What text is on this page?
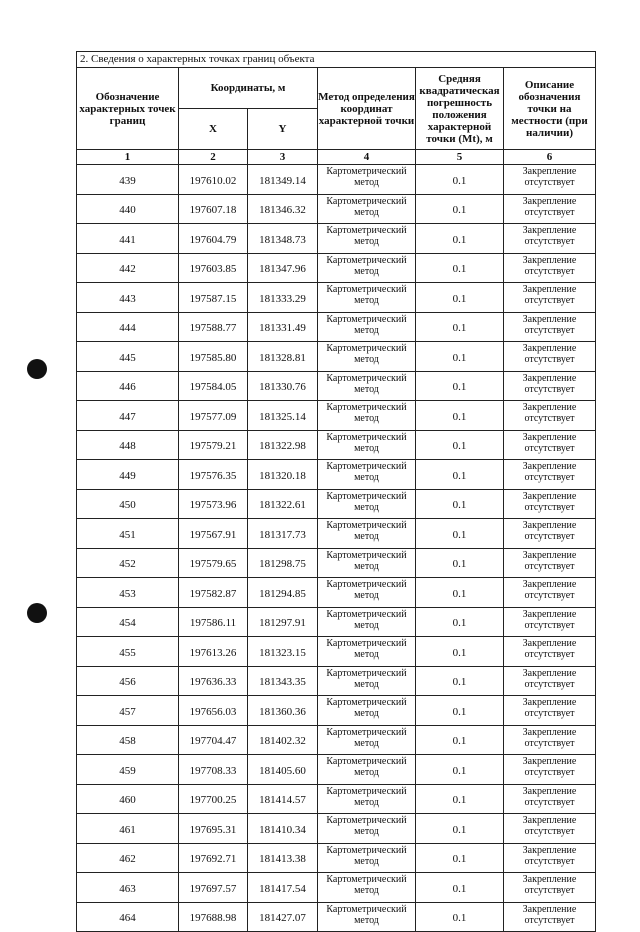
2. Сведения о характерных точках границ объекта					
Обозначение характерных точек границ	Координаты, м		Метод определения координат характерной точки	Средняя квадратическая погрешность положения характерной точки (Mt), м	Описание обозначения точки на местности (при наличии)
	X	Y			
1	2	3	4	5	6
439	197610.02	181349.14	Картометрический метод	0.1	Закрепление отсутствует
440	197607.18	181346.32	Картометрический метод	0.1	Закрепление отсутствует
441	197604.79	181348.73	Картометрический метод	0.1	Закрепление отсутствует
442	197603.85	181347.96	Картометрический метод	0.1	Закрепление отсутствует
443	197587.15	181333.29	Картометрический метод	0.1	Закрепление отсутствует
444	197588.77	181331.49	Картометрический метод	0.1	Закрепление отсутствует
445	197585.80	181328.81	Картометрический метод	0.1	Закрепление отсутствует
446	197584.05	181330.76	Картометрический метод	0.1	Закрепление отсутствует
447	197577.09	181325.14	Картометрический метод	0.1	Закрепление отсутствует
448	197579.21	181322.98	Картометрический метод	0.1	Закрепление отсутствует
449	197576.35	181320.18	Картометрический метод	0.1	Закрепление отсутствует
450	197573.96	181322.61	Картометрический метод	0.1	Закрепление отсутствует
451	197567.91	181317.73	Картометрический метод	0.1	Закрепление отсутствует
452	197579.65	181298.75	Картометрический метод	0.1	Закрепление отсутствует
453	197582.87	181294.85	Картометрический метод	0.1	Закрепление отсутствует
454	197586.11	181297.91	Картометрический метод	0.1	Закрепление отсутствует
455	197613.26	181323.15	Картометрический метод	0.1	Закрепление отсутствует
456	197636.33	181343.35	Картометрический метод	0.1	Закрепление отсутствует
457	197656.03	181360.36	Картометрический метод	0.1	Закрепление отсутствует
458	197704.47	181402.32	Картометрический метод	0.1	Закрепление отсутствует
459	197708.33	181405.60	Картометрический метод	0.1	Закрепление отсутствует
460	197700.25	181414.57	Картометрический метод	0.1	Закрепление отсутствует
461	197695.31	181410.34	Картометрический метод	0.1	Закрепление отсутствует
462	197692.71	181413.38	Картометрический метод	0.1	Закрепление отсутствует
463	197697.57	181417.54	Картометрический метод	0.1	Закрепление отсутствует
464	197688.98	181427.07	Картометрический метод	0.1	Закрепление отсутствует
